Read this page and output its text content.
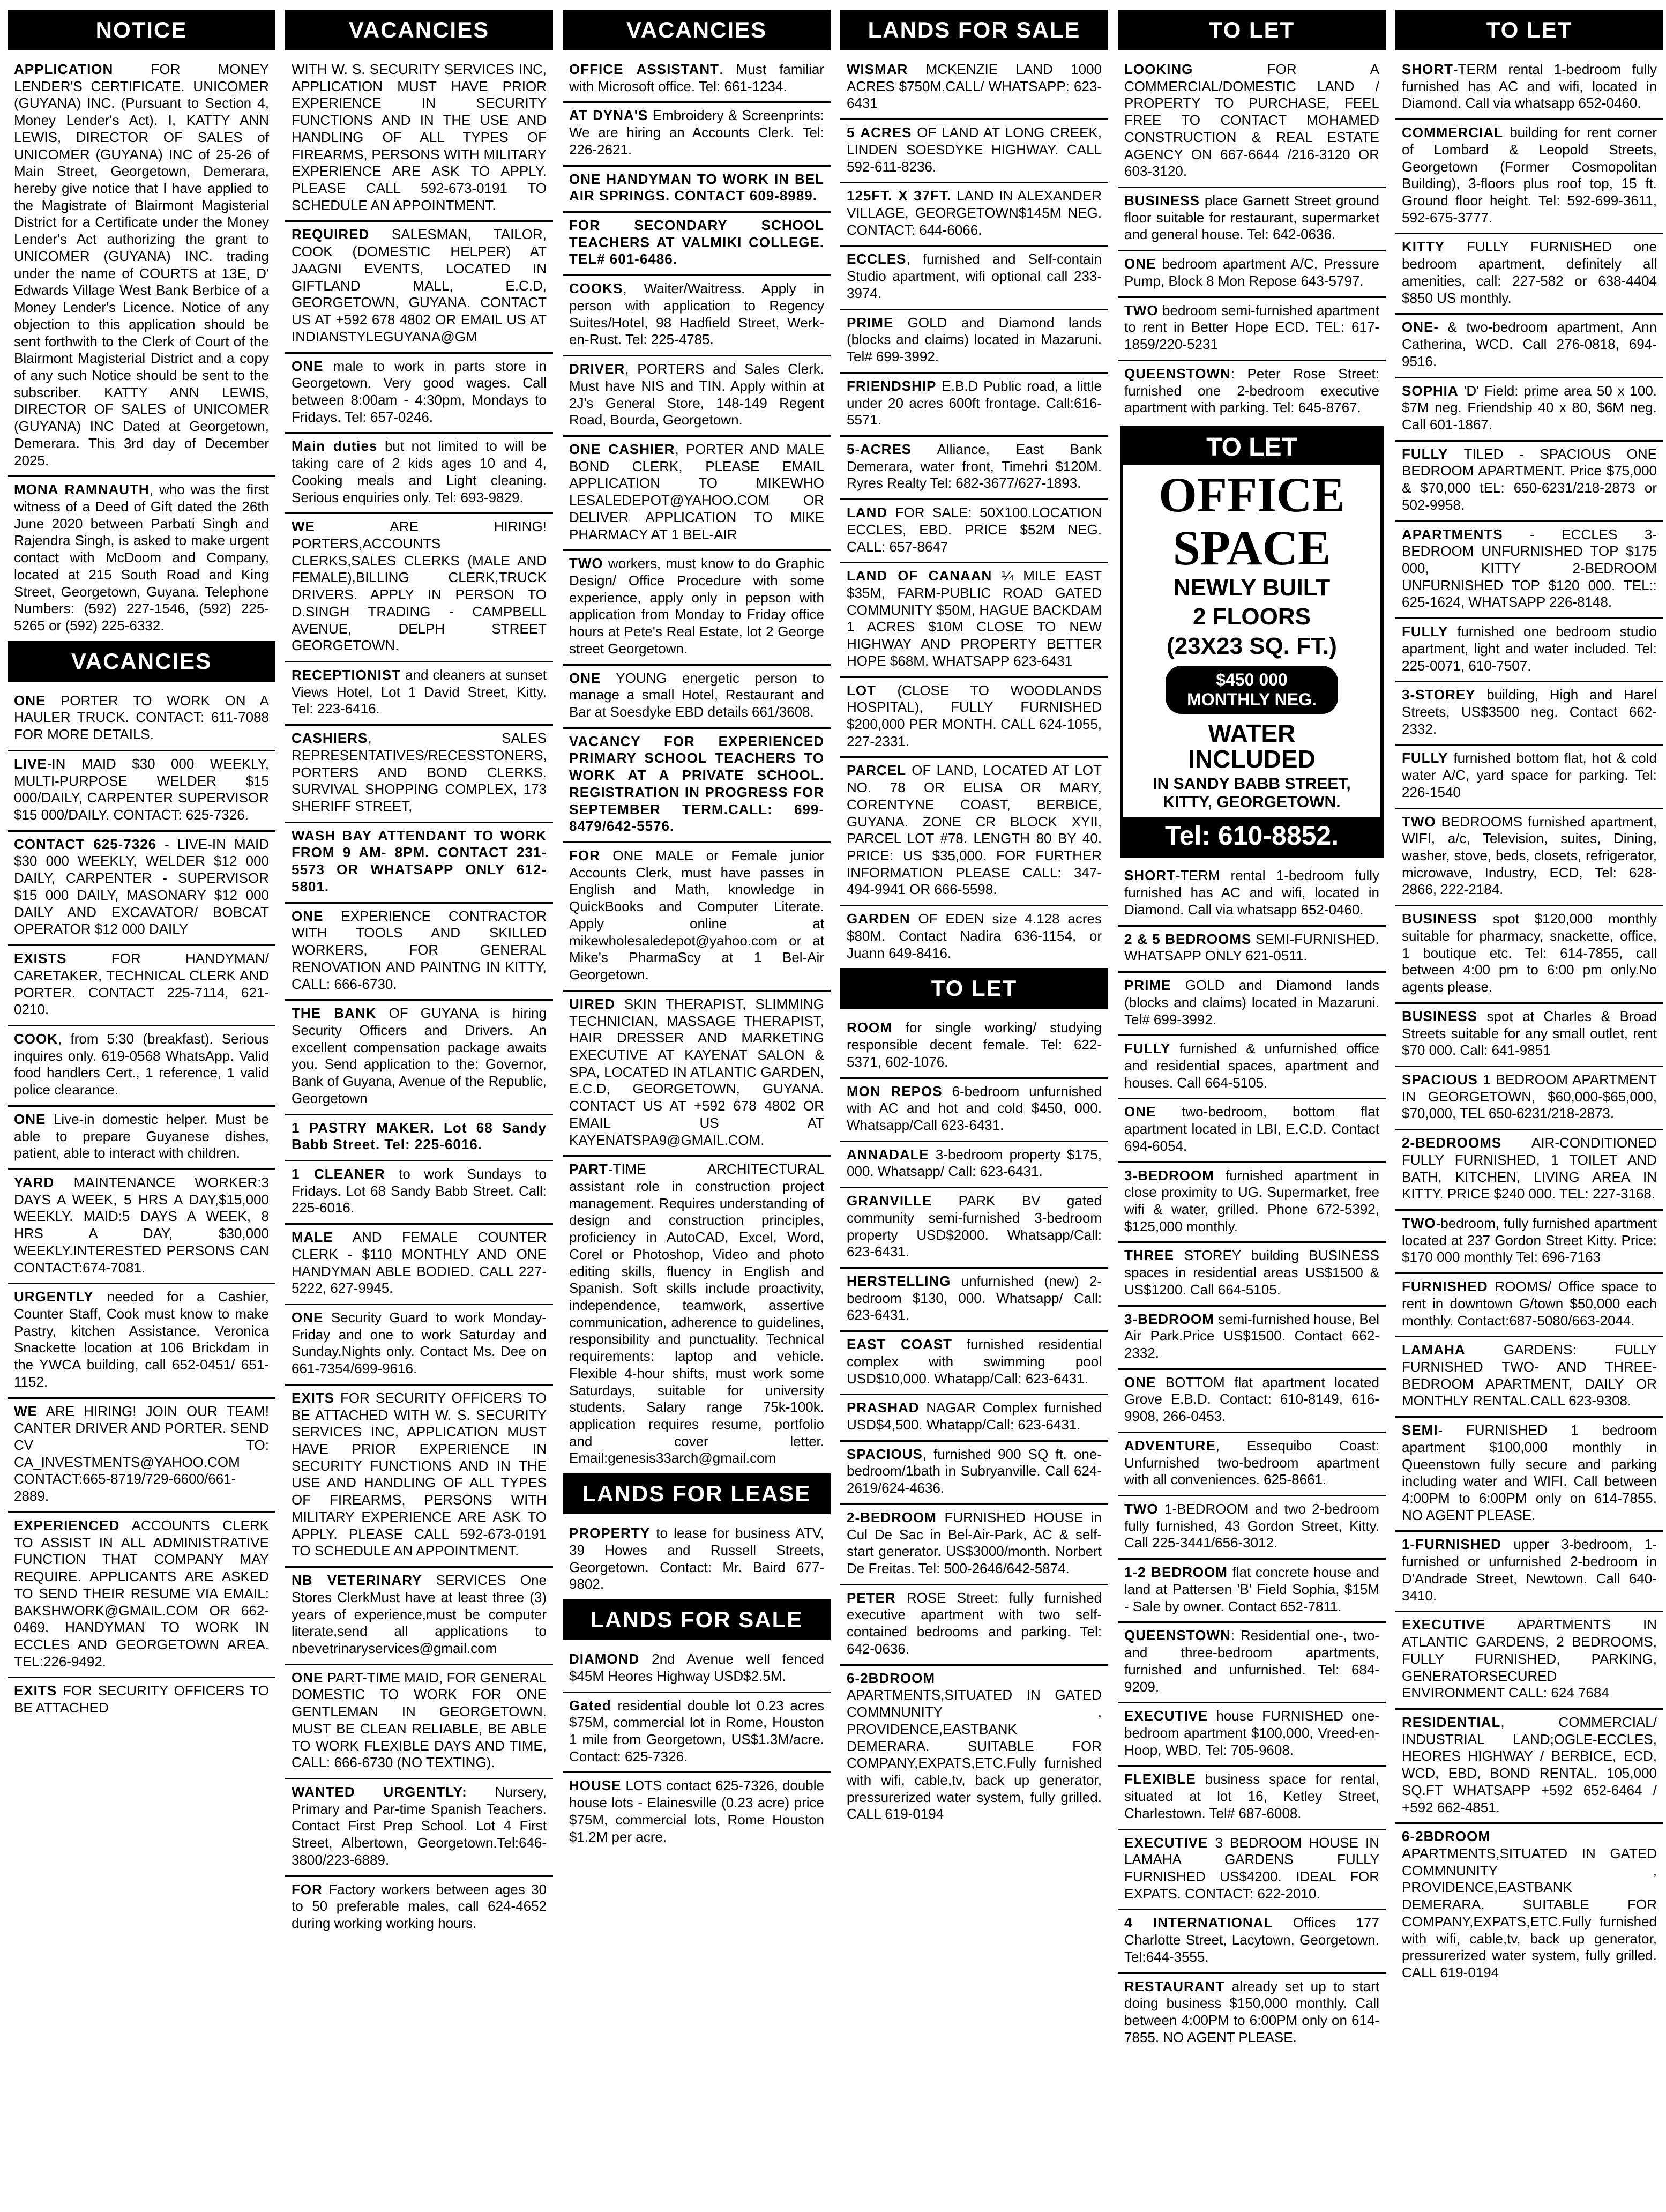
NOTICE

APPLICATION FOR MONEY LENDER'S CERTIFICATE. UNICOMER (GUYANA) INC. (Pursuant to Section 4, Money Lender's Act). I, KATTY ANN LEWIS, DIRECTOR OF SALES of UNICOMER (GUYANA) INC of 25-26 of Main Street, Georgetown, Demerara, hereby give notice that I have applied to the Magistrate of Blairmont Magisterial District for a Certificate under the Money Lender's Act authorizing the grant to UNICOMER (GUYANA) INC. trading under the name of COURTS at 13E, D' Edwards Village West Bank Berbice of a Money Lender's Licence. Notice of any objection to this application should be sent forthwith to the Clerk of Court of the Blairmont Magisterial District and a copy of any such Notice should be sent to the subscriber. KATTY ANN LEWIS, DIRECTOR OF SALES of UNICOMER (GUYANA) INC Dated at Georgetown, Demerara. This 3rd day of December 2025.

MONA RAMNAUTH, who was the first witness of a Deed of Gift dated the 26th June 2020 between Parbati Singh and Rajendra Singh, is asked to make urgent contact with McDoom and Company, located at 215 South Road and King Street, Georgetown, Guyana. Telephone Numbers: (592) 227-1546, (592) 225-5265 or (592) 225-6332.

VACANCIES

ONE PORTER TO WORK ON A HAULER TRUCK. CONTACT: 611-7088 FOR MORE DETAILS.

LIVE-IN MAID $30 000 WEEKLY, MULTI-PURPOSE WELDER $15 000/DAILY, CARPENTER SUPERVISOR $15 000/DAILY. CONTACT: 625-7326.

CONTACT 625-7326 - LIVE-IN MAID $30 000 WEEKLY, WELDER $12 000 DAILY, CARPENTER - SUPERVISOR $15 000 DAILY, MASONARY $12 000 DAILY AND EXCAVATOR/ BOBCAT OPERATOR $12 000 DAILY

EXISTS FOR HANDYMAN/ CARETAKER, TECHNICAL CLERK AND PORTER. CONTACT 225-7114, 621-0210.

COOK, from 5:30 (breakfast). Serious inquires only. 619-0568 WhatsApp. Valid food handlers Cert., 1 reference, 1 valid police clearance.

ONE Live-in domestic helper. Must be able to prepare Guyanese dishes, patient, able to interact with children.

YARD MAINTENANCE WORKER:3 DAYS A WEEK, 5 HRS A DAY,$15,000 WEEKLY. MAID:5 DAYS A WEEK, 8 HRS A DAY, $30,000 WEEKLY.INTERESTED PERSONS CAN CONTACT:674-7081.

URGENTLY needed for a Cashier, Counter Staff, Cook must know to make Pastry, kitchen Assistance. Veronica Snackette location at 106 Brickdam in the YWCA building, call 652-0451/ 651-1152.

WE ARE HIRING! JOIN OUR TEAM! CANTER DRIVER AND PORTER. SEND CV TO: CA_INVESTMENTS@YAHOO.COM CONTACT:665-8719/729-6600/661-2889.

EXPERIENCED ACCOUNTS CLERK TO ASSIST IN ALL ADMINISTRATIVE FUNCTION THAT COMPANY MAY REQUIRE. APPLICANTS ARE ASKED TO SEND THEIR RESUME VIA EMAIL: BAKSHWORK@GMAIL.COM OR 662-0469. HANDYMAN TO WORK IN ECCLES AND GEORGETOWN AREA. TEL:226-9492.

EXITS FOR SECURITY OFFICERS TO BE ATTACHED

VACANCIES

WITH W. S. SECURITY SERVICES INC, APPLICATION MUST HAVE PRIOR EXPERIENCE IN SECURITY FUNCTIONS AND IN THE USE AND HANDLING OF ALL TYPES OF FIREARMS, PERSONS WITH MILITARY EXPERIENCE ARE ASK TO APPLY. PLEASE CALL 592-673-0191 TO SCHEDULE AN APPOINTMENT.

REQUIRED SALESMAN, TAILOR, COOK (DOMESTIC HELPER) AT JAAGNI EVENTS, LOCATED IN GIFTLAND MALL, E.C.D, GEORGETOWN, GUYANA. CONTACT US AT +592 678 4802 OR EMAIL US AT INDIANSTYLEGUYANA@GM

ONE male to work in parts store in Georgetown. Very good wages. Call between 8:00am - 4:30pm, Mondays to Fridays. Tel: 657-0246.

Main duties but not limited to will be taking care of 2 kids ages 10 and 4, Cooking meals and Light cleaning. Serious enquiries only. Tel: 693-9829.

WE ARE HIRING! PORTERS,ACCOUNTS CLERKS,SALES CLERKS (MALE AND FEMALE),BILLING CLERK,TRUCK DRIVERS. APPLY IN PERSON TO D.SINGH TRADING - CAMPBELL AVENUE, DELPH STREET GEORGETOWN.

RECEPTIONIST and cleaners at sunset Views Hotel, Lot 1 David Street, Kitty. Tel: 223-6416.

CASHIERS, SALES REPRESENTATIVES/RECESSTONERS, PORTERS AND BOND CLERKS. SURVIVAL SHOPPING COMPLEX, 173 SHERIFF STREET,

WASH BAY ATTENDANT TO WORK FROM 9 AM- 8PM. CONTACT 231-5573 OR WHATSAPP ONLY 612-5801.

ONE EXPERIENCE CONTRACTOR WITH TOOLS AND SKILLED WORKERS, FOR GENERAL RENOVATION AND PAINTNG IN KITTY, CALL: 666-6730.

THE BANK OF GUYANA is hiring Security Officers and Drivers. An excellent compensation package awaits you. Send application to the: Governor, Bank of Guyana, Avenue of the Republic, Georgetown

1 PASTRY MAKER. Lot 68 Sandy Babb Street. Tel: 225-6016.

1 CLEANER to work Sundays to Fridays. Lot 68 Sandy Babb Street. Call: 225-6016.

MALE AND FEMALE COUNTER CLERK - $110 MONTHLY AND ONE HANDYMAN ABLE BODIED. CALL 227-5222, 627-9945.

ONE Security Guard to work Monday-Friday and one to work Saturday and Sunday.Nights only. Contact Ms. Dee on 661-7354/699-9616.

EXITS FOR SECURITY OFFICERS TO BE ATTACHED WITH W. S. SECURITY SERVICES INC, APPLICATION MUST HAVE PRIOR EXPERIENCE IN SECURITY FUNCTIONS AND IN THE USE AND HANDLING OF ALL TYPES OF FIREARMS, PERSONS WITH MILITARY EXPERIENCE ARE ASK TO APPLY. PLEASE CALL 592-673-0191 TO SCHEDULE AN APPOINTMENT.

NB VETERINARY SERVICES One Stores ClerkMust have at least three (3) years of experience,must be computer literate,send all applications to nbevetrinaryservices@gmail.com

ONE PART-TIME MAID, FOR GENERAL DOMESTIC TO WORK FOR ONE GENTLEMAN IN GEORGETOWN. MUST BE CLEAN RELIABLE, BE ABLE TO WORK FLEXIBLE DAYS AND TIME, CALL: 666-6730 (NO TEXTING).

WANTED URGENTLY: Nursery, Primary and Par-time Spanish Teachers. Contact First Prep School. Lot 4 First Street, Albertown, Georgetown.Tel:646-3800/223-6889.

FOR Factory workers between ages 30 to 50 preferable males, call 624-4652 during working working hours.

VACANCIES

OFFICE ASSISTANT. Must familiar with Microsoft office. Tel: 661-1234.

AT DYNA'S Embroidery & Screenprints: We are hiring an Accounts Clerk. Tel: 226-2621.

ONE HANDYMAN TO WORK IN BEL AIR SPRINGS. CONTACT 609-8989.

FOR SECONDARY SCHOOL TEACHERS AT VALMIKI COLLEGE. TEL# 601-6486.

COOKS, Waiter/Waitress. Apply in person with application to Regency Suites/Hotel, 98 Hadfield Street, Werk-en-Rust. Tel: 225-4785.

DRIVER, PORTERS and Sales Clerk. Must have NIS and TIN. Apply within at 2J's General Store, 148-149 Regent Road, Bourda, Georgetown.

ONE CASHIER, PORTER AND MALE BOND CLERK, PLEASE EMAIL APPLICATION TO MIKEWHO LESALEDEPOT@YAHOO.COM OR DELIVER APPLICATION TO MIKE PHARMACY AT 1 BEL-AIR

TWO workers, must know to do Graphic Design/ Office Procedure with some experience, apply only in pepson with application from Monday to Friday office hours at Pete's Real Estate, lot 2 George street Georgetown.

ONE YOUNG energetic person to manage a small Hotel, Restaurant and Bar at Soesdyke EBD details 661/3608.

VACANCY FOR EXPERIENCED PRIMARY SCHOOL TEACHERS TO WORK AT A PRIVATE SCHOOL. REGISTRATION IN PROGRESS FOR SEPTEMBER TERM.CALL: 699-8479/642-5576.

FOR ONE MALE or Female junior Accounts Clerk, must have passes in English and Math, knowledge in QuickBooks and Computer Literate. Apply online at mikewholesaledepot@yahoo.com or at Mike's PharmaScy at 1 Bel-Air Georgetown.

UIRED SKIN THERAPIST, SLIMMING TECHNICIAN, MASSAGE THERAPIST, HAIR DRESSER AND MARKETING EXECUTIVE AT KAYENAT SALON & SPA, LOCATED IN ATLANTIC GARDEN, E.C.D, GEORGETOWN, GUYANA. CONTACT US AT +592 678 4802 OR EMAIL US AT KAYENATSPA9@GMAIL.COM.

PART-TIME ARCHITECTURAL assistant role in construction project management. Requires understanding of design and construction principles, proficiency in AutoCAD, Excel, Word, Corel or Photoshop, Video and photo editing skills, fluency in English and Spanish. Soft skills include proactivity, independence, teamwork, assertive communication, adherence to guidelines, responsibility and punctuality. Technical requirements: laptop and vehicle. Flexible 4-hour shifts, must work some Saturdays, suitable for university students. Salary range 75k-100k. application requires resume, portfolio and cover letter. Email:genesis33arch@gmail.com

LANDS FOR LEASE

PROPERTY to lease for business ATV, 39 Howes and Russell Streets, Georgetown. Contact: Mr. Baird 677-9802.

LANDS FOR SALE

DIAMOND 2nd Avenue well fenced $45M Heores Highway USD$2.5M.

Gated residential double lot 0.23 acres $75M, commercial lot in Rome, Houston 1 mile from Georgetown, US$1.3M/acre. Contact: 625-7326.

HOUSE LOTS contact 625-7326, double house lots - Elainesville (0.23 acre) price $75M, commercial lots, Rome Houston $1.2M per acre.

LANDS FOR SALE

WISMAR MCKENZIE LAND 1000 ACRES $750M.CALL/ WHATSAPP: 623-6431

5 ACRES OF LAND AT LONG CREEK, LINDEN SOESDYKE HIGHWAY. CALL 592-611-8236.

125FT. X 37FT. LAND IN ALEXANDER VILLAGE, GEORGETOWN$145M NEG. CONTACT: 644-6066.

ECCLES, furnished and Self-contain Studio apartment, wifi optional call 233-3974.

PRIME GOLD and Diamond lands (blocks and claims) located in Mazaruni. Tel# 699-3992.

FRIENDSHIP E.B.D Public road, a little under 20 acres 600ft frontage. Call:616-5571.

5-ACRES Alliance, East Bank Demerara, water front, Timehri $120M. Ryres Realty Tel: 682-3677/627-1893.

LAND FOR SALE: 50X100.LOCATION ECCLES, EBD. PRICE $52M NEG. CALL: 657-8647

LAND OF CANAAN ¼ MILE EAST $35M, FARM-PUBLIC ROAD GATED COMMUNITY $50M, HAGUE BACKDAM 1 ACRES $10M CLOSE TO NEW HIGHWAY AND PROPERTY BETTER HOPE $68M. WHATSAPP 623-6431

LOT (CLOSE TO WOODLANDS HOSPITAL), FULLY FURNISHED $200,000 PER MONTH. CALL 624-1055, 227-2331.

PARCEL OF LAND, LOCATED AT LOT NO. 78 OR ELISA OR MARY, CORENTYNE COAST, BERBICE, GUYANA. ZONE CR BLOCK XYII, PARCEL LOT #78. LENGTH 80 BY 40. PRICE: US $35,000. FOR FURTHER INFORMATION PLEASE CALL: 347-494-9941 OR 666-5598.

GARDEN OF EDEN size 4.128 acres $80M. Contact Nadira 636-1154, or Juann 649-8416.

TO LET

ROOM for single working/ studying responsible decent female. Tel: 622-5371, 602-1076.

MON REPOS 6-bedroom unfurnished with AC and hot and cold $450, 000. Whatsapp/Call 623-6431.

ANNADALE 3-bedroom property $175, 000. Whatsapp/ Call: 623-6431.

GRANVILLE PARK BV gated community semi-furnished 3-bedroom property USD$2000. Whatsapp/Call: 623-6431.

HERSTELLING unfurnished (new) 2-bedroom $130, 000. Whatsapp/ Call: 623-6431.

EAST COAST furnished residential complex with swimming pool USD$10,000. Whatapp/Call: 623-6431.

PRASHAD NAGAR Complex furnished USD$4,500. Whatapp/Call: 623-6431.

SPACIOUS, furnished 900 SQ ft. one-bedroom/1bath in Subryanville. Call 624-2619/624-4636.

2-BEDROOM FURNISHED HOUSE in Cul De Sac in Bel-Air-Park, AC & self-start generator. US$3000/month. Norbert De Freitas. Tel: 500-2646/642-5874.

PETER ROSE Street: fully furnished executive apartment with two self-contained bedrooms and parking. Tel: 642-0636.

6-2BDROOM APARTMENTS,SITUATED IN GATED COMMNUNITY , PROVIDENCE,EASTBANK DEMERARA. SUITABLE FOR COMPANY,EXPATS,ETC.Fully furnished with wifi, cable,tv, back up generator, pressurerized water system, fully grilled. CALL 619-0194

TO LET

LOOKING FOR A COMMERCIAL/DOMESTIC LAND / PROPERTY TO PURCHASE, FEEL FREE TO CONTACT MOHAMED CONSTRUCTION & REAL ESTATE AGENCY ON 667-6644 /216-3120 OR 603-3120.

BUSINESS place Garnett Street ground floor suitable for restaurant, supermarket and general house. Tel: 642-0636.

ONE bedroom apartment A/C, Pressure Pump, Block 8 Mon Repose 643-5797.

TWO bedroom semi-furnished apartment to rent in Better Hope ECD. TEL: 617-1859/220-5231

QUEENSTOWN: Peter Rose Street: furnished one 2-bedroom executive apartment with parking. Tel: 645-8767.

TO LET
OFFICE
SPACE
NEWLY BUILT
2 FLOORS
(23X23 SQ. FT.)
$450 000
MONTHLY NEG.
WATER
INCLUDED
IN SANDY BABB STREET,
KITTY, GEORGETOWN.
Tel: 610-8852.

SHORT-TERM rental 1-bedroom fully furnished has AC and wifi, located in Diamond. Call via whatsapp 652-0460.

2 & 5 BEDROOMS SEMI-FURNISHED. WHATSAPP ONLY 621-0511.

PRIME GOLD and Diamond lands (blocks and claims) located in Mazaruni. Tel# 699-3992.

FULLY furnished & unfurnished office and residential spaces, apartment and houses. Call 664-5105.

ONE two-bedroom, bottom flat apartment located in LBI, E.C.D. Contact 694-6054.

3-BEDROOM furnished apartment in close proximity to UG. Supermarket, free wifi & water, grilled. Phone 672-5392, $125,000 monthly.

THREE STOREY building BUSINESS spaces in residential areas US$1500 & US$1200. Call 664-5105.

3-BEDROOM semi-furnished house, Bel Air Park.Price US$1500. Contact 662-2332.

ONE BOTTOM flat apartment located Grove E.B.D. Contact: 610-8149, 616-9908, 266-0453.

ADVENTURE, Essequibo Coast: Unfurnished two-bedroom apartment with all conveniences. 625-8661.

TWO 1-BEDROOM and two 2-bedroom fully furnished, 43 Gordon Street, Kitty. Call 225-3441/656-3012.

1-2 BEDROOM flat concrete house and land at Pattersen 'B' Field Sophia, $15M - Sale by owner. Contact 652-7811.

QUEENSTOWN: Residential one-, two- and three-bedroom apartments, furnished and unfurnished. Tel: 684-9209.

EXECUTIVE house FURNISHED one-bedroom apartment $100,000, Vreed-en-Hoop, WBD. Tel: 705-9608.

FLEXIBLE business space for rental, situated at lot 16, Ketley Street, Charlestown. Tel# 687-6008.

EXECUTIVE 3 BEDROOM HOUSE IN LAMAHA GARDENS FULLY FURNISHED US$4200. IDEAL FOR EXPATS. CONTACT: 622-2010.

4 INTERNATIONAL Offices 177 Charlotte Street, Lacytown, Georgetown. Tel:644-3555.

RESTAURANT already set up to start doing business $150,000 monthly. Call between 4:00PM to 6:00PM only on 614-7855. NO AGENT PLEASE.

TO LET

SHORT-TERM rental 1-bedroom fully furnished has AC and wifi, located in Diamond. Call via whatsapp 652-0460.

COMMERCIAL building for rent corner of Lombard & Leopold Streets, Georgetown (Former Cosmopolitan Building), 3-floors plus roof top, 15 ft. Ground floor height. Tel: 592-699-3611, 592-675-3777.

KITTY FULLY FURNISHED one bedroom apartment, definitely all amenities, call: 227-582 or 638-4404 $850 US monthly.

ONE- & two-bedroom apartment, Ann Catherina, WCD. Call 276-0818, 694-9516.

SOPHIA 'D' Field: prime area 50 x 100. $7M neg. Friendship 40 x 80, $6M neg. Call 601-1867.

FULLY TILED - SPACIOUS ONE BEDROOM APARTMENT. Price $75,000 & $70,000 tEL: 650-6231/218-2873 or 502-9958.

APARTMENTS - ECCLES 3-BEDROOM UNFURNISHED TOP $175 000, KITTY 2-BEDROOM UNFURNISHED TOP $120 000. TEL:: 625-1624, WHATSAPP 226-8148.

FULLY furnished one bedroom studio apartment, light and water included. Tel: 225-0071, 610-7507.

3-STOREY building, High and Harel Streets, US$3500 neg. Contact 662-2332.

FULLY furnished bottom flat, hot & cold water A/C, yard space for parking. Tel: 226-1540

TWO BEDROOMS furnished apartment, WIFI, a/c, Television, suites, Dining, washer, stove, beds, closets, refrigerator, microwave, Industry, ECD, Tel: 628-2866, 222-2184.

BUSINESS spot $120,000 monthly suitable for pharmacy, snackette, office, 1 boutique etc. Tel: 614-7855, call between 4:00 pm to 6:00 pm only.No agents please.

BUSINESS spot at Charles & Broad Streets suitable for any small outlet, rent $70 000. Call: 641-9851

SPACIOUS 1 BEDROOM APARTMENT IN GEORGETOWN, $60,000-$65,000, $70,000, TEL 650-6231/218-2873.

2-BEDROOMS AIR-CONDITIONED FULLY FURNISHED, 1 TOILET AND BATH, KITCHEN, LIVING AREA IN KITTY. PRICE $240 000. TEL: 227-3168.

TWO-bedroom, fully furnished apartment located at 237 Gordon Street Kitty. Price: $170 000 monthly Tel: 696-7163

FURNISHED ROOMS/ Office space to rent in downtown G/town $50,000 each monthly. Contact:687-5080/663-2044.

LAMAHA GARDENS: FULLY FURNISHED TWO- AND THREE-BEDROOM APARTMENT, DAILY OR MONTHLY RENTAL.CALL 623-9308.

SEMI- FURNISHED 1 bedroom apartment $100,000 monthly in Queenstown fully secure and parking including water and WIFI. Call between 4:00PM to 6:00PM only on 614-7855. NO AGENT PLEASE.

1-FURNISHED upper 3-bedroom, 1-furnished or unfurnished 2-bedroom in D'Andrade Street, Newtown. Call 640-3410.

EXECUTIVE APARTMENTS IN ATLANTIC GARDENS, 2 BEDROOMS, FULLY FURNISHED, PARKING, GENERATORSECURED ENVIRONMENT CALL: 624 7684

RESIDENTIAL, COMMERCIAL/ INDUSTRIAL LAND;OGLE-ECCLES, HEORES HIGHWAY / BERBICE, ECD, WCD, EBD, BOND RENTAL. 105,000 SQ.FT WHATSAPP +592 652-6464 / +592 662-4851.

6-2BDROOM APARTMENTS,SITUATED IN GATED COMMNUNITY , PROVIDENCE,EASTBANK DEMERARA. SUITABLE FOR COMPANY,EXPATS,ETC.Fully furnished with wifi, cable,tv, back up generator, pressurerized water system, fully grilled. CALL 619-0194
